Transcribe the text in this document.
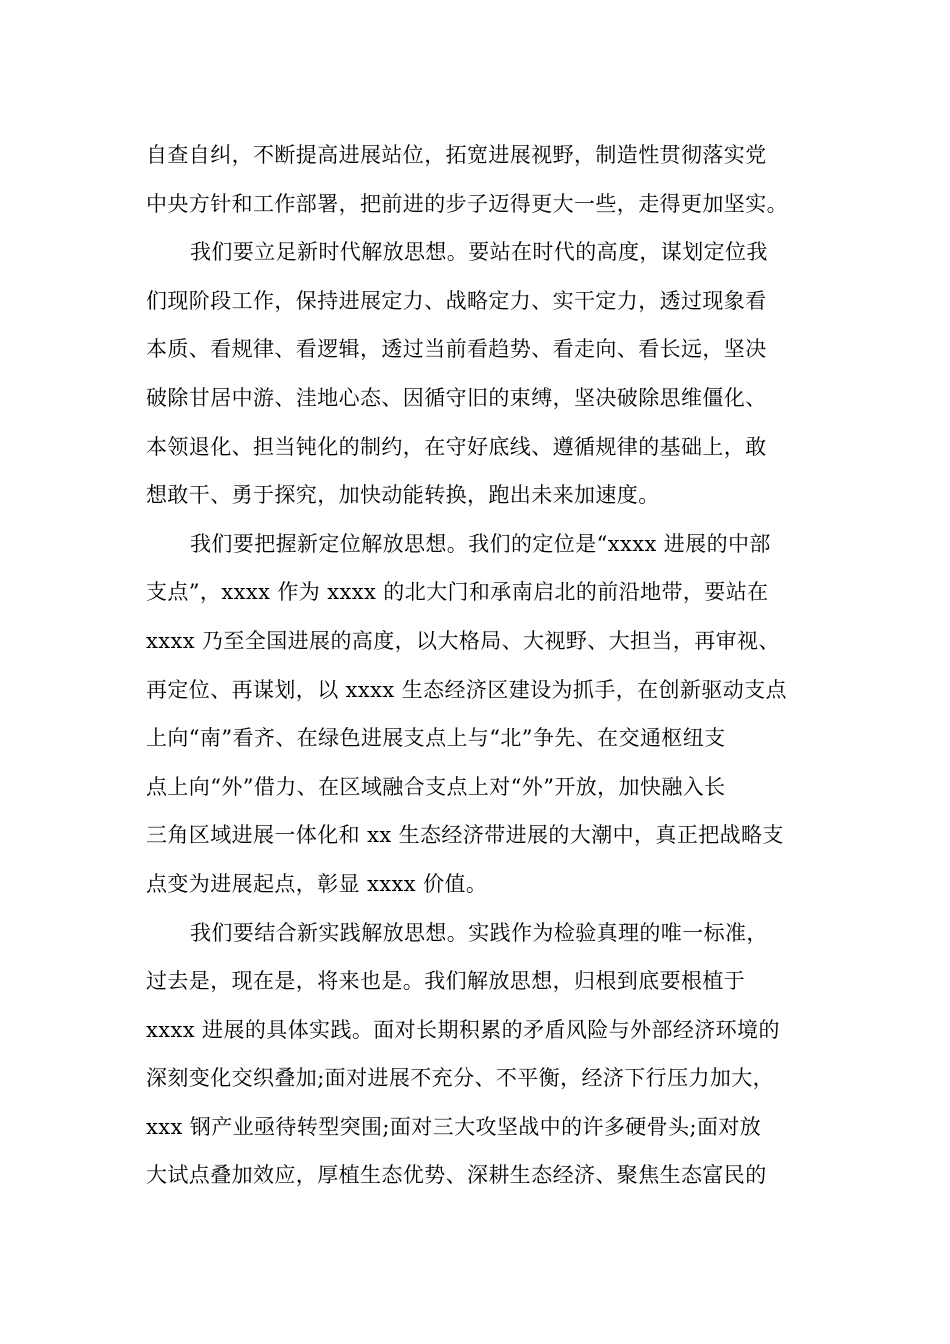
自查自纠，不断提高进展站位，拓宽进展视野，制造性贯彻落实党
中央方针和工作部署，把前进的步子迈得更大一些，走得更加坚实。
我们要立足新时代解放思想。要站在时代的高度，谋划定位我
们现阶段工作，保持进展定力、战略定力、实干定力，透过现象看
本质、看规律、看逻辑，透过当前看趋势、看走向、看长远，坚决
破除甘居中游、洼地心态、因循守旧的束缚，坚决破除思维僵化、
本领退化、担当钝化的制约，在守好底线、遵循规律的基础上，敢
想敢干、勇于探究，加快动能转换，跑出未来加速度。
我们要把握新定位解放思想。我们的定位是“xxxx 进展的中部
支点”，xxxx 作为 xxxx 的北大门和承南启北的前沿地带，要站在
xxxx 乃至全国进展的高度，以大格局、大视野、大担当，再审视、
再定位、再谋划，以 xxxx 生态经济区建设为抓手，在创新驱动支点
上向“南”看齐、在绿色进展支点上与“北”争先、在交通枢纽支
点上向“外”借力、在区域融合支点上对“外”开放，加快融入长
三角区域进展一体化和 xx 生态经济带进展的大潮中，真正把战略支
点变为进展起点，彰显 xxxx 价值。
我们要结合新实践解放思想。实践作为检验真理的唯一标准，
过去是，现在是，将来也是。我们解放思想，归根到底要根植于
xxxx 进展的具体实践。面对长期积累的矛盾风险与外部经济环境的
深刻变化交织叠加;面对进展不充分、不平衡，经济下行压力加大，
xxx 钢产业亟待转型突围;面对三大攻坚战中的许多硬骨头;面对放
大试点叠加效应，厚植生态优势、深耕生态经济、聚焦生态富民的
